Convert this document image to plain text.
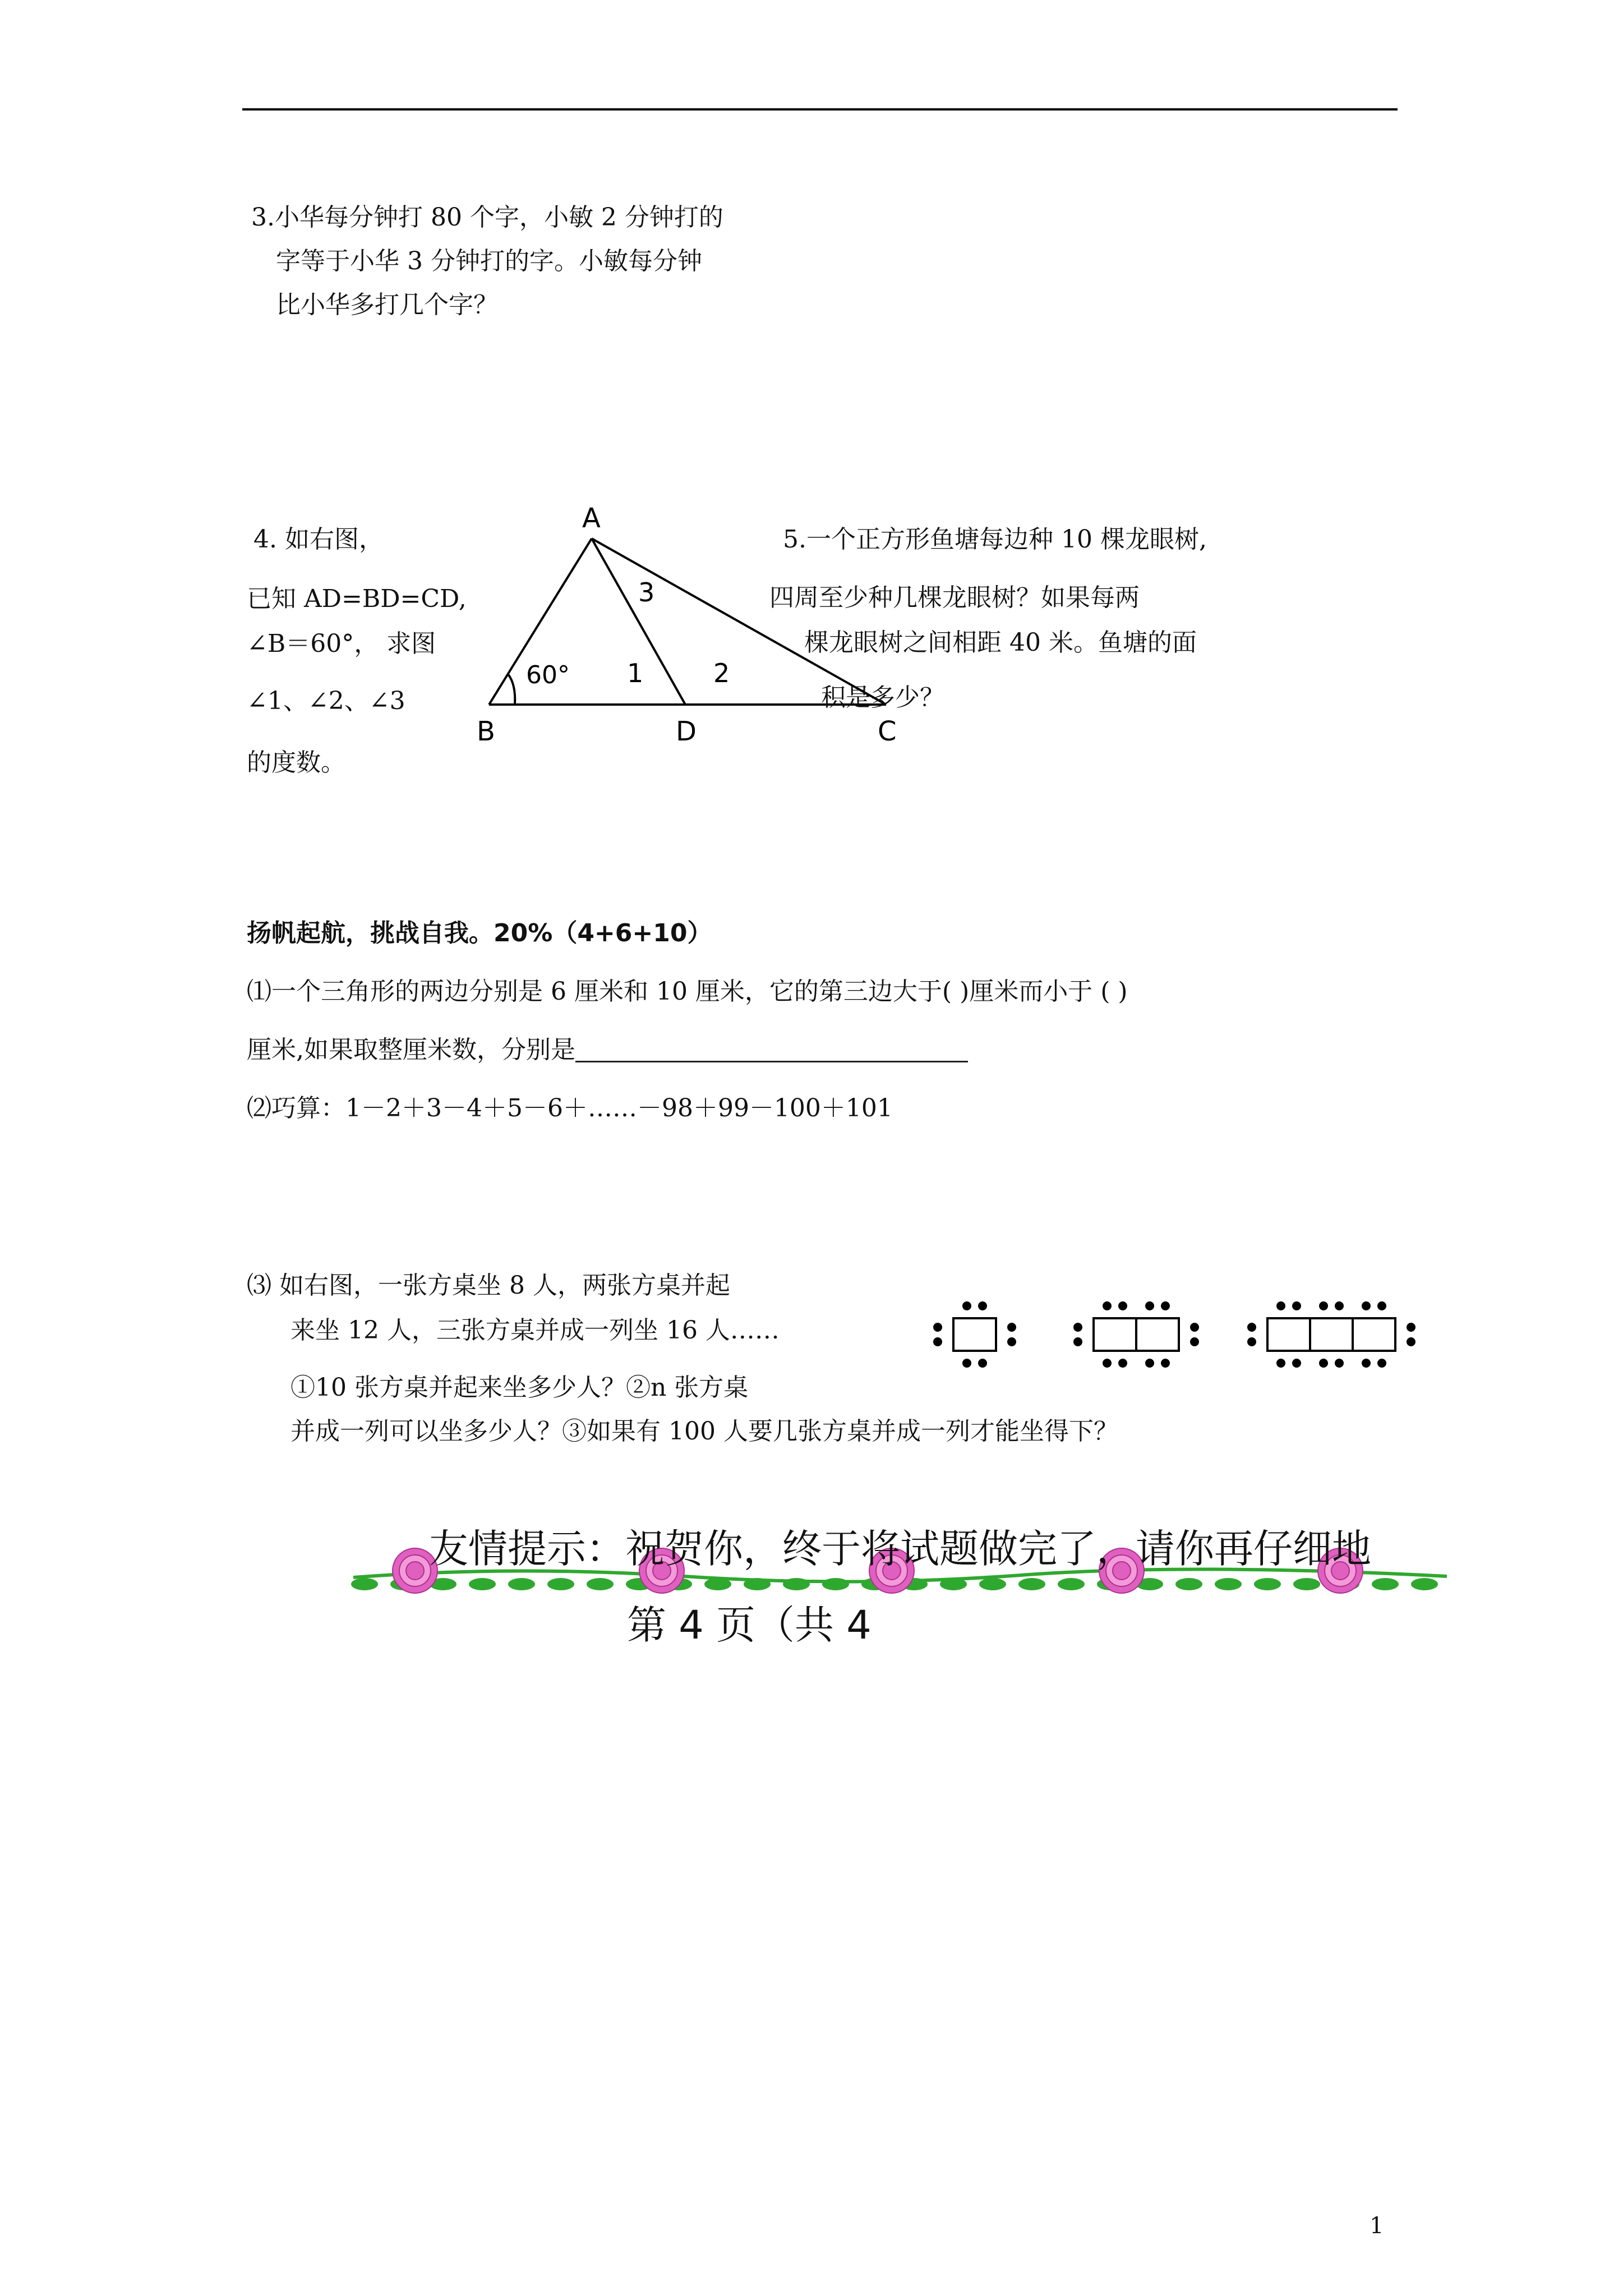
3.小华每分钟打 80 个字，小敏 2 分钟打的
字等于小华 3 分钟打的字。小敏每分钟
比小华多打几个字？
4. 如右图，
已知 AD=BD=CD,
∠B＝60°， 求图
∠1、∠2、∠3
的度数。
A
B	D	C
60° 1	2
3
5.一个正方形鱼塘每边种 10 棵龙眼树,
四周至少种几棵龙眼树？如果每两
棵龙眼树之间相距 40 米。鱼塘的面
积是多少？
扬帆起航，挑战自我。20%（4+6+10）
⑴一个三角形的两边分别是 6 厘米和 10 厘米，它的第三边大于( )厘米而小于 ( )
厘米,如果取整厘米数，分别是
⑵巧算：1－2＋3－4＋5－6＋……－98＋99－100＋101
⑶ 如右图，一张方桌坐 8 人，两张方桌并起
来坐 12 人，三张方桌并成一列坐 16 人……
①10 张方桌并起来坐多少人？②n 张方桌
并成一列可以坐多少人？③如果有 100 人要几张方桌并成一列才能坐得下？
友情提示：祝贺你，终于将试题做完了，请你再仔细地
第 4 页（共 4
1
